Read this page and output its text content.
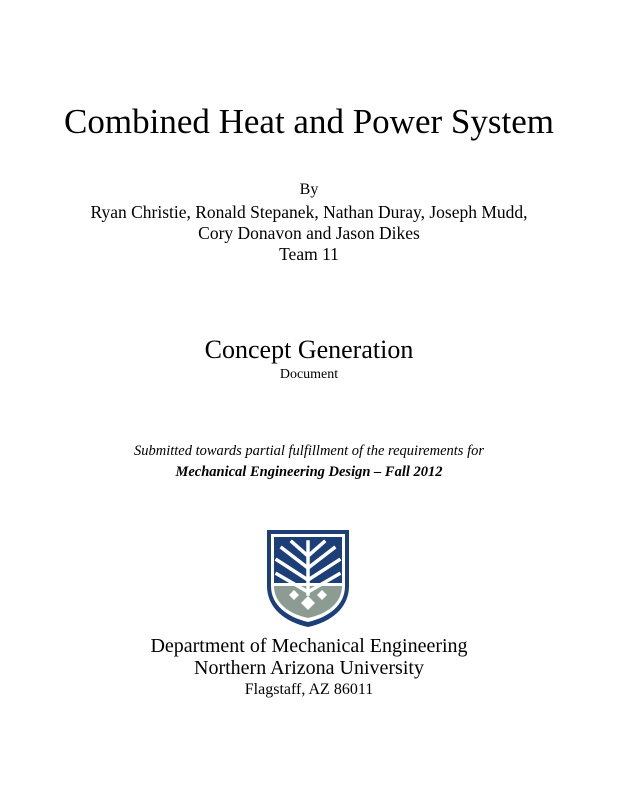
Combined Heat and Power System
By
Ryan Christie, Ronald Stepanek, Nathan Duray, Joseph Mudd,
Cory Donavon and Jason Dikes
Team 11
Concept Generation
Document
Submitted towards partial fulfillment of the requirements for
Mechanical Engineering Design – Fall 2012
Department of Mechanical Engineering
Northern Arizona University
Flagstaff, AZ 86011
